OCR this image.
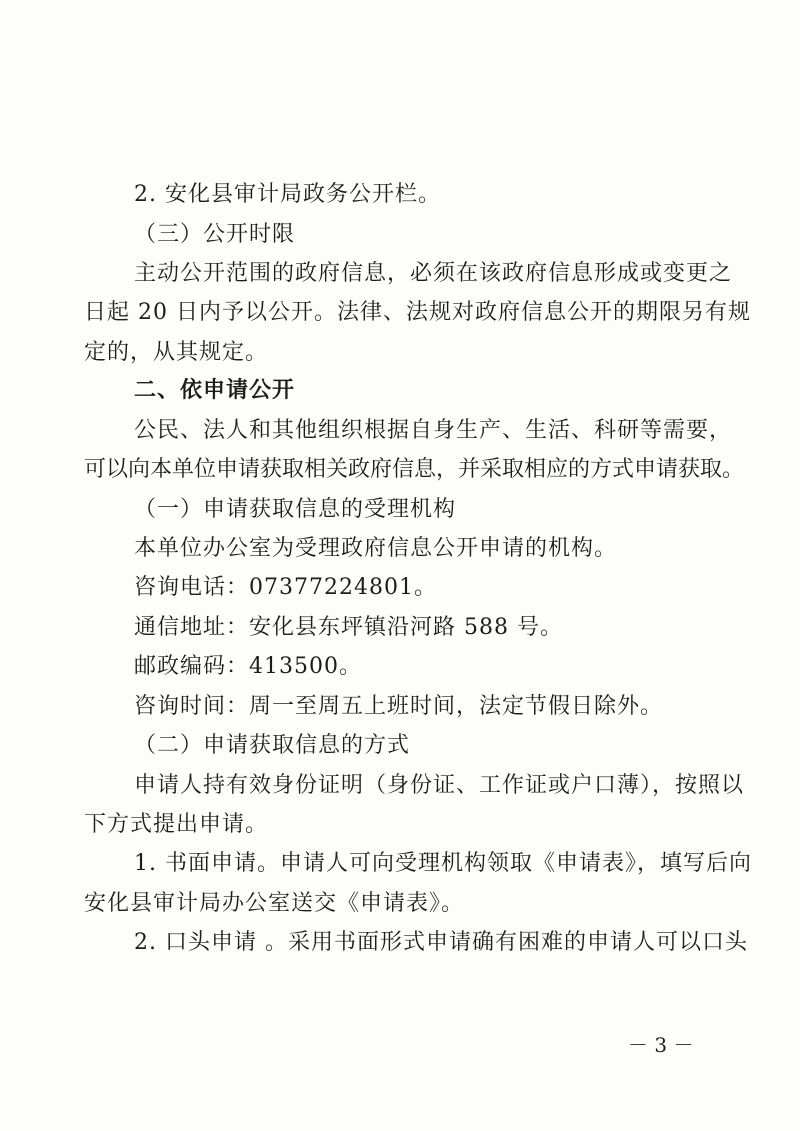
2. 安化县审计局政务公开栏。
（三）公开时限
主动公开范围的政府信息，必须在该政府信息形成或变更之
日起 20 日内予以公开。法律、法规对政府信息公开的期限另有规
定的，从其规定。
二、依申请公开
公民、法人和其他组织根据自身生产、生活、科研等需要，
可以向本单位申请获取相关政府信息，并采取相应的方式申请获取。
（一）申请获取信息的受理机构
本单位办公室为受理政府信息公开申请的机构。
咨询电话：07377224801。
通信地址：安化县东坪镇沿河路 588 号。
邮政编码：413500。
咨询时间：周一至周五上班时间，法定节假日除外。
（二）申请获取信息的方式
申请人持有效身份证明（身份证、工作证或户口薄），按照以
下方式提出申请。
1. 书面申请。申请人可向受理机构领取《申请表》，填写后向
安化县审计局办公室送交《申请表》。
2. 口头申请 。采用书面形式申请确有困难的申请人可以口头
－ 3 －
